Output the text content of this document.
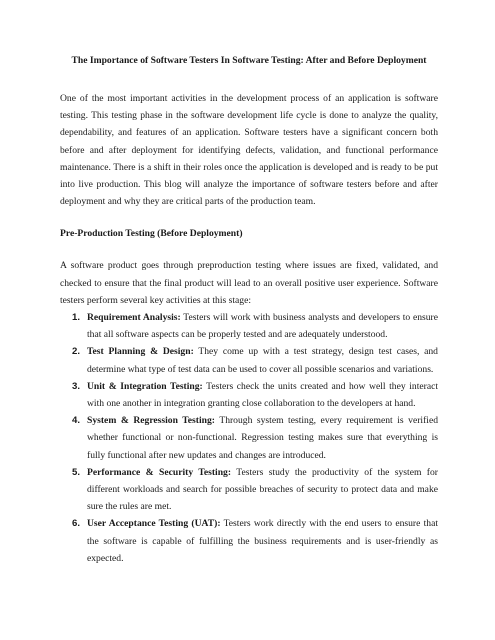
The Importance of Software Testers In Software Testing: After and Before Deployment

One of the most important activities in the development process of an application is software testing. This testing phase in the software development life cycle is done to analyze the quality, dependability, and features of an application. Software testers have a significant concern both before and after deployment for identifying defects, validation, and functional performance maintenance. There is a shift in their roles once the application is developed and is ready to be put into live production. This blog will analyze the importance of software testers before and after deployment and why they are critical parts of the production team.

Pre-Production Testing (Before Deployment)

A software product goes through preproduction testing where issues are fixed, validated, and checked to ensure that the final product will lead to an overall positive user experience. Software testers perform several key activities at this stage:

1. Requirement Analysis: Testers will work with business analysts and developers to ensure that all software aspects can be properly tested and are adequately understood.
2. Test Planning & Design: They come up with a test strategy, design test cases, and determine what type of test data can be used to cover all possible scenarios and variations.
3. Unit & Integration Testing: Testers check the units created and how well they interact with one another in integration granting close collaboration to the developers at hand.
4. System & Regression Testing: Through system testing, every requirement is verified whether functional or non-functional. Regression testing makes sure that everything is fully functional after new updates and changes are introduced.
5. Performance & Security Testing: Testers study the productivity of the system for different workloads and search for possible breaches of security to protect data and make sure the rules are met.
6. User Acceptance Testing (UAT): Testers work directly with the end users to ensure that the software is capable of fulfilling the business requirements and is user-friendly as expected.
